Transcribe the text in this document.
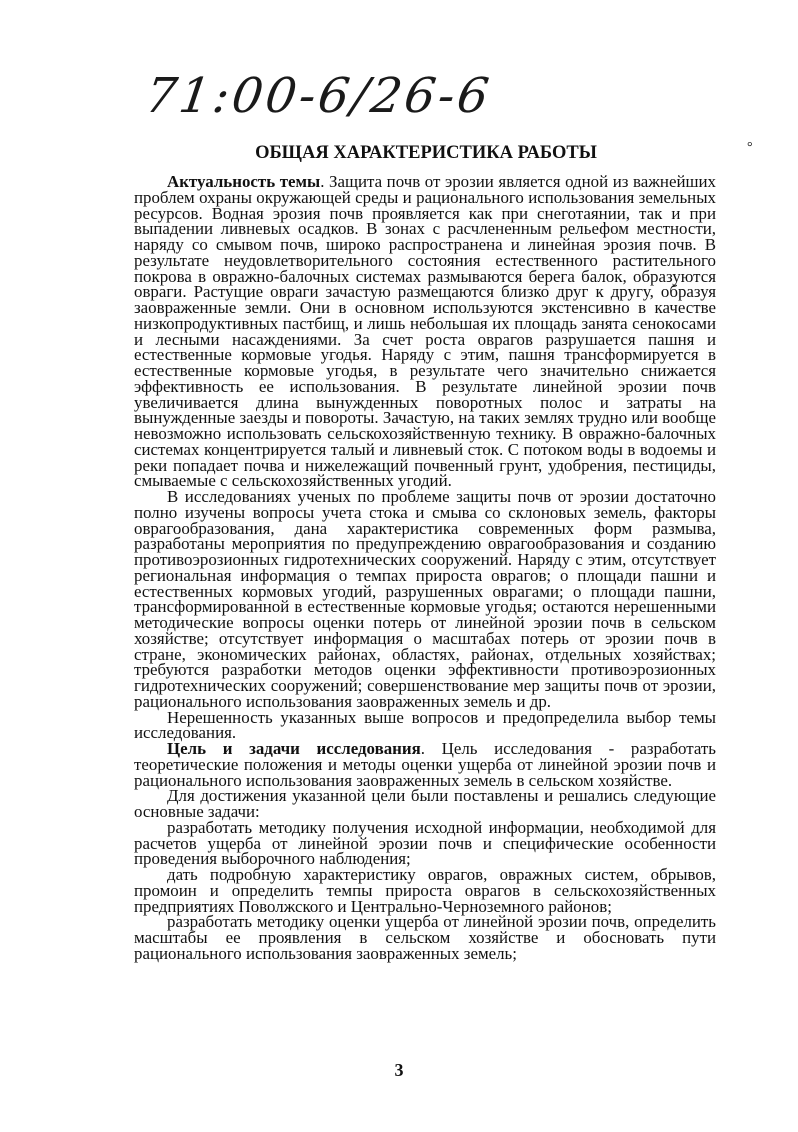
71:00-6/26-6
°
ОБЩАЯ ХАРАКТЕРИСТИКА РАБОТЫ

Актуальность темы. Защита почв от эрозии является одной из важнейших проблем охраны окружающей среды и рационального использования земельных ресурсов. Водная эрозия почв проявляется как при снеготаянии, так и при выпадении ливневых осадков. В зонах с расчлененным рельефом местности, наряду со смывом почв, широко распространена и линейная эрозия почв. В результате неудовлетворительного состояния естественного растительного покрова в овражно-балочных системах размываются берега балок, образуются овраги. Растущие овраги зачастую размещаются близко друг к другу, образуя заовраженные земли. Они в основном используются экстенсивно в качестве низкопродуктивных пастбищ, и лишь небольшая их площадь занята сенокосами и лесными насаждениями. За счет роста оврагов разрушается пашня и естественные кормовые угодья. Наряду с этим, пашня трансформируется в естественные кормовые угодья, в результате чего значительно снижается эффективность ее использования. В результате линейной эрозии почв увеличивается длина вынужденных поворотных полос и затраты на вынужденные заезды и повороты. Зачастую, на таких землях трудно или вообще невозможно использовать сельскохозяйственную технику. В овражно-балочных системах концентрируется талый и ливневый сток. С потоком воды в водоемы и реки попадает почва и нижележащий почвенный грунт, удобрения, пестициды, смываемые с сельскохозяйственных угодий.

В исследованиях ученых по проблеме защиты почв от эрозии достаточно полно изучены вопросы учета стока и смыва со склоновых земель, факторы оврагообразования, дана характеристика современных форм размыва, разработаны мероприятия по предупреждению оврагообразования и созданию противоэрозионных гидротехнических сооружений. Наряду с этим, отсутствует региональная информация о темпах прироста оврагов; о площади пашни и естественных кормовых угодий, разрушенных оврагами; о площади пашни, трансформированной в естественные кормовые угодья; остаются нерешенными методические вопросы оценки потерь от линейной эрозии почв в сельском хозяйстве; отсутствует информация о масштабах потерь от эрозии почв в стране, экономических районах, областях, районах, отдельных хозяйствах; требуются разработки методов оценки эффективности противоэрозионных гидротехнических сооружений; совершенствование мер защиты почв от эрозии, рационального использования заовраженных земель и др.

Нерешенность указанных выше вопросов и предопределила выбор темы исследования.

Цель и задачи исследования. Цель исследования - разработать теоретические положения и методы оценки ущерба от линейной эрозии почв и рационального использования заовраженных земель в сельском хозяйстве.

Для достижения указанной цели были поставлены и решались следующие основные задачи:

разработать методику получения исходной информации, необходимой для расчетов ущерба от линейной эрозии почв и специфические особенности проведения выборочного наблюдения;

дать подробную характеристику оврагов, овражных систем, обрывов, промоин и определить темпы прироста оврагов в сельскохозяйственных предприятиях Поволжского и Центрально-Черноземного районов;

разработать методику оценки ущерба от линейной эрозии почв, определить масштабы ее проявления в сельском хозяйстве и обосновать пути рационального использования заовраженных земель;

3
